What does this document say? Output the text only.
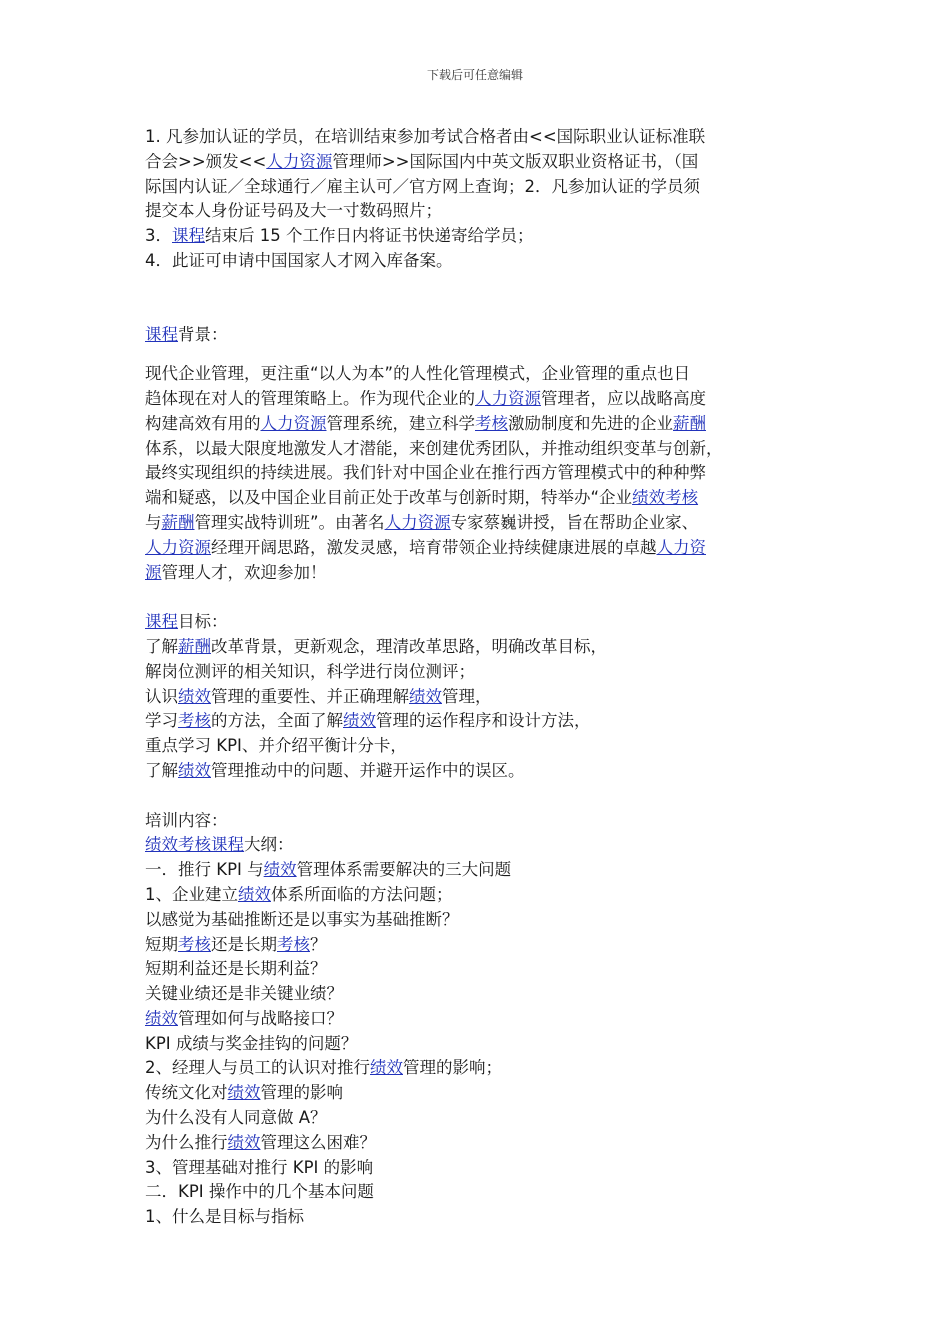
下载后可任意编辑
1. 凡参加认证的学员，在培训结束参加考试合格者由<<国际职业认证标准联
合会>>颁发<<人力资源管理师>>国际国内中英文版双职业资格证书，（国
际国内认证／全球通行／雇主认可／官方网上查询；2．凡参加认证的学员须
提交本人身份证号码及大一寸数码照片；
3．课程结束后 15 个工作日内将证书快递寄给学员；
4．此证可申请中国国家人才网入库备案。
课程背景：
现代企业管理，更注重“以人为本”的人性化管理模式，企业管理的重点也日
趋体现在对人的管理策略上。作为现代企业的人力资源管理者，应以战略高度
构建高效有用的人力资源管理系统，建立科学考核激励制度和先进的企业薪酬
体系，以最大限度地激发人才潜能，来创建优秀团队，并推动组织变革与创新，
最终实现组织的持续进展。我们针对中国企业在推行西方管理模式中的种种弊
端和疑惑，以及中国企业目前正处于改革与创新时期，特举办“企业绩效考核
与薪酬管理实战特训班”。由著名人力资源专家蔡巍讲授，旨在帮助企业家、
人力资源经理开阔思路，激发灵感，培育带领企业持续健康进展的卓越人力资
源管理人才，欢迎参加！
课程目标：
了解薪酬改革背景，更新观念，理清改革思路，明确改革目标，
解岗位测评的相关知识，科学进行岗位测评；
认识绩效管理的重要性、并正确理解绩效管理，
学习考核的方法，全面了解绩效管理的运作程序和设计方法，
重点学习 KPI、并介绍平衡计分卡，
了解绩效管理推动中的问题、并避开运作中的误区。
培训内容：
绩效考核课程大纲：
一．推行 KPI 与绩效管理体系需要解决的三大问题
1、企业建立绩效体系所面临的方法问题；
以感觉为基础推断还是以事实为基础推断？
短期考核还是长期考核？
短期利益还是长期利益？
关键业绩还是非关键业绩？
绩效管理如何与战略接口？
KPI 成绩与奖金挂钩的问题？
2、经理人与员工的认识对推行绩效管理的影响；
传统文化对绩效管理的影响
为什么没有人同意做 A？
为什么推行绩效管理这么困难？
3、管理基础对推行 KPI 的影响
二．KPI 操作中的几个基本问题
1、什么是目标与指标
